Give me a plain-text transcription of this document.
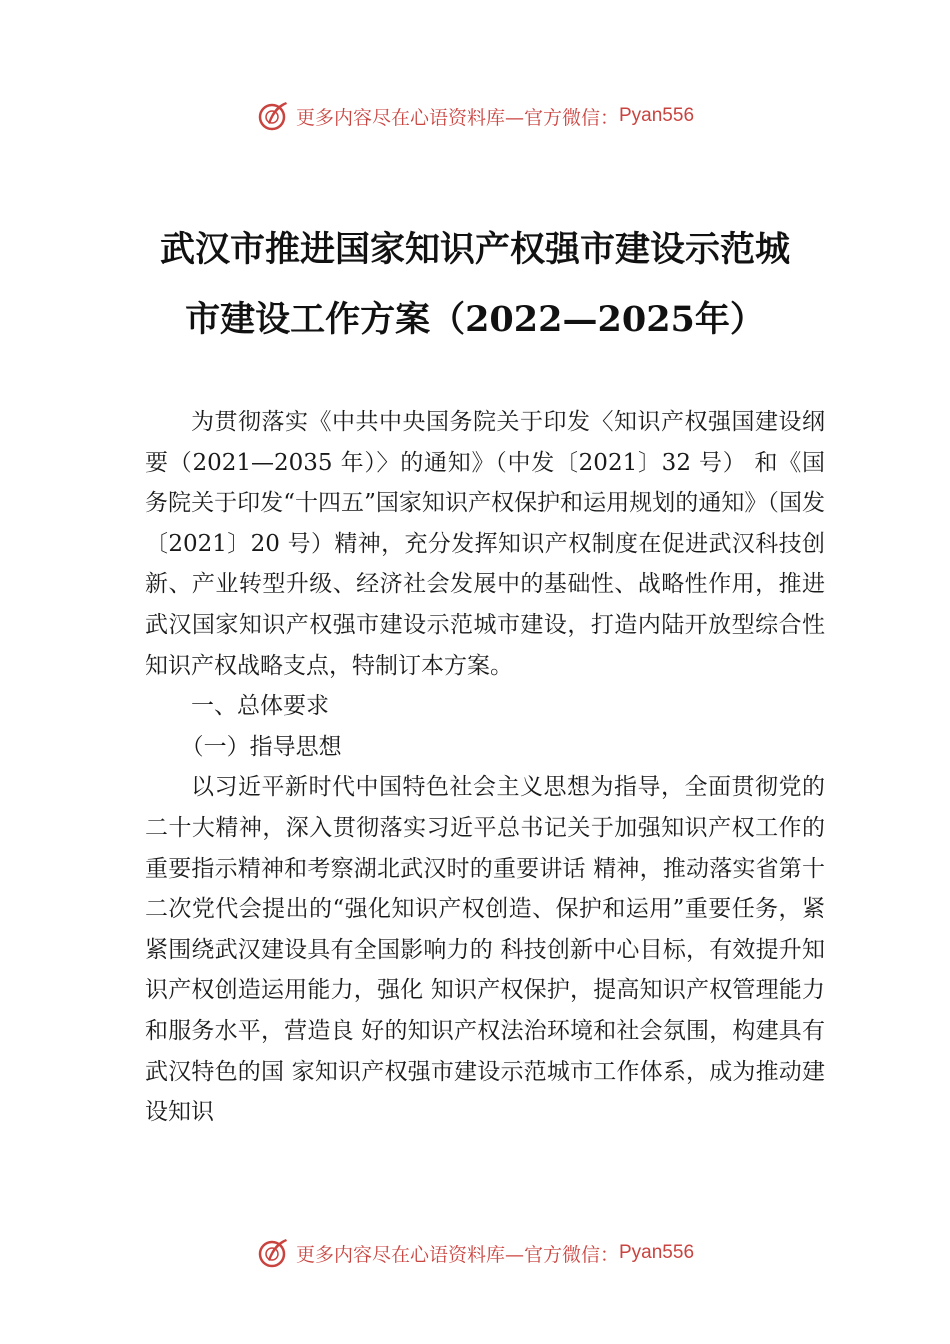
更多内容尽在心语资料库—官方微信： Pyan556
武汉市推进国家知识产权强市建设示范城
市建设工作方案（2022—2025年）

为贯彻落实《中共中央国务院关于印发〈知识产权强国建设纲要（2021—2035 年）〉的通知》（中发〔2021〕32 号） 和《国务院关于印发“十四五”国家知识产权保护和运用规划的通知》（国发〔2021〕20 号）精神，充分发挥知识产权制度在促进武汉科技创新、产业转型升级、经济社会发展中的基础性、战略性作用，推进武汉国家知识产权强市建设示范城市建设，打造内陆开放型综合性知识产权战略支点，特制订本方案。

一、总体要求

（一）指导思想

以习近平新时代中国特色社会主义思想为指导，全面贯彻党的二十大精神，深入贯彻落实习近平总书记关于加强知识产权工作的重要指示精神和考察湖北武汉时的重要讲话 精神，推动落实省第十二次党代会提出的“强化知识产权创造、保护和运用”重要任务，紧紧围绕武汉建设具有全国影响力的 科技创新中心目标，有效提升知识产权创造运用能力，强化 知识产权保护，提高知识产权管理能力和服务水平，营造良 好的知识产权法治环境和社会氛围，构建具有武汉特色的国 家知识产权强市建设示范城市工作体系，成为推动建设知识

更多内容尽在心语资料库—官方微信： Pyan556
